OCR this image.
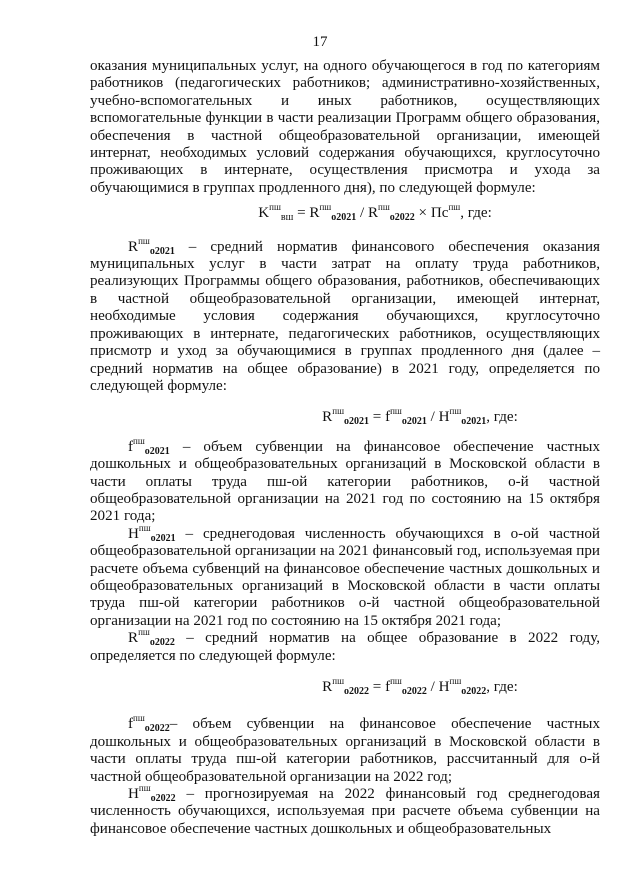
17

оказания муниципальных услуг, на одного обучающегося в год по категориям работников (педагогических работников; административно-хозяйственных, учебно-вспомогательных и иных работников, осуществляющих вспомогательные функции в части реализации Программ общего образования, обеспечения в частной общеобразовательной организации, имеющей интернат, необходимых условий содержания обучающихся, круглосуточно проживающих в интернате, осуществления присмотра и ухода за обучающимися в группах продленного дня), по следующей формуле:

$K^{пш}_{вш} = R^{пш}_{o2021} / R^{пш}_{o2022} \times Пс^{пш}$, где:

$R^{пш}_{o2021}$ – средний норматив финансового обеспечения оказания муниципальных услуг в части затрат на оплату труда работников, реализующих Программы общего образования, работников, обеспечивающих в частной общеобразовательной организации, имеющей интернат, необходимые условия содержания обучающихся, круглосуточно проживающих в интернате, педагогических работников, осуществляющих присмотр и уход за обучающимися в группах продленного дня (далее – средний норматив на общее образование) в 2021 году, определяется по следующей формуле:

$R^{пш}_{o2021} = f^{пш}_{o2021} / H^{пш}_{o2021}$, где:

$f^{пш}_{o2021}$ – объем субвенции на финансовое обеспечение частных дошкольных и общеобразовательных организаций в Московской области в части оплаты труда пш-ой категории работников, о-й частной общеобразовательной организации на 2021 год по состоянию на 15 октября 2021 года;

$H^{пш}_{o2021}$ – среднегодовая численность обучающихся в о-ой частной общеобразовательной организации на 2021 финансовый год, используемая при расчете объема субвенций на финансовое обеспечение частных дошкольных и общеобразовательных организаций в Московской области в части оплаты труда пш-ой категории работников о-й частной общеобразовательной организации на 2021 год по состоянию на 15 октября 2021 года;

$R^{пш}_{o2022}$ – средний норматив на общее образование в 2022 году, определяется по следующей формуле:

$R^{пш}_{o2022} = f^{пш}_{o2022} / H^{пш}_{o2022}$, где:

$f^{пш}_{o2022}-$ объем субвенции на финансовое обеспечение частных дошкольных и общеобразовательных организаций в Московской области в части оплаты труда пш-ой категории работников, рассчитанный для о-й частной общеобразовательной организации на 2022 год;

$H^{пш}_{o2022}$ – прогнозируемая на 2022 финансовый год среднегодовая численность обучающихся, используемая при расчете объема субвенции на финансовое обеспечение частных дошкольных и общеобразовательных
